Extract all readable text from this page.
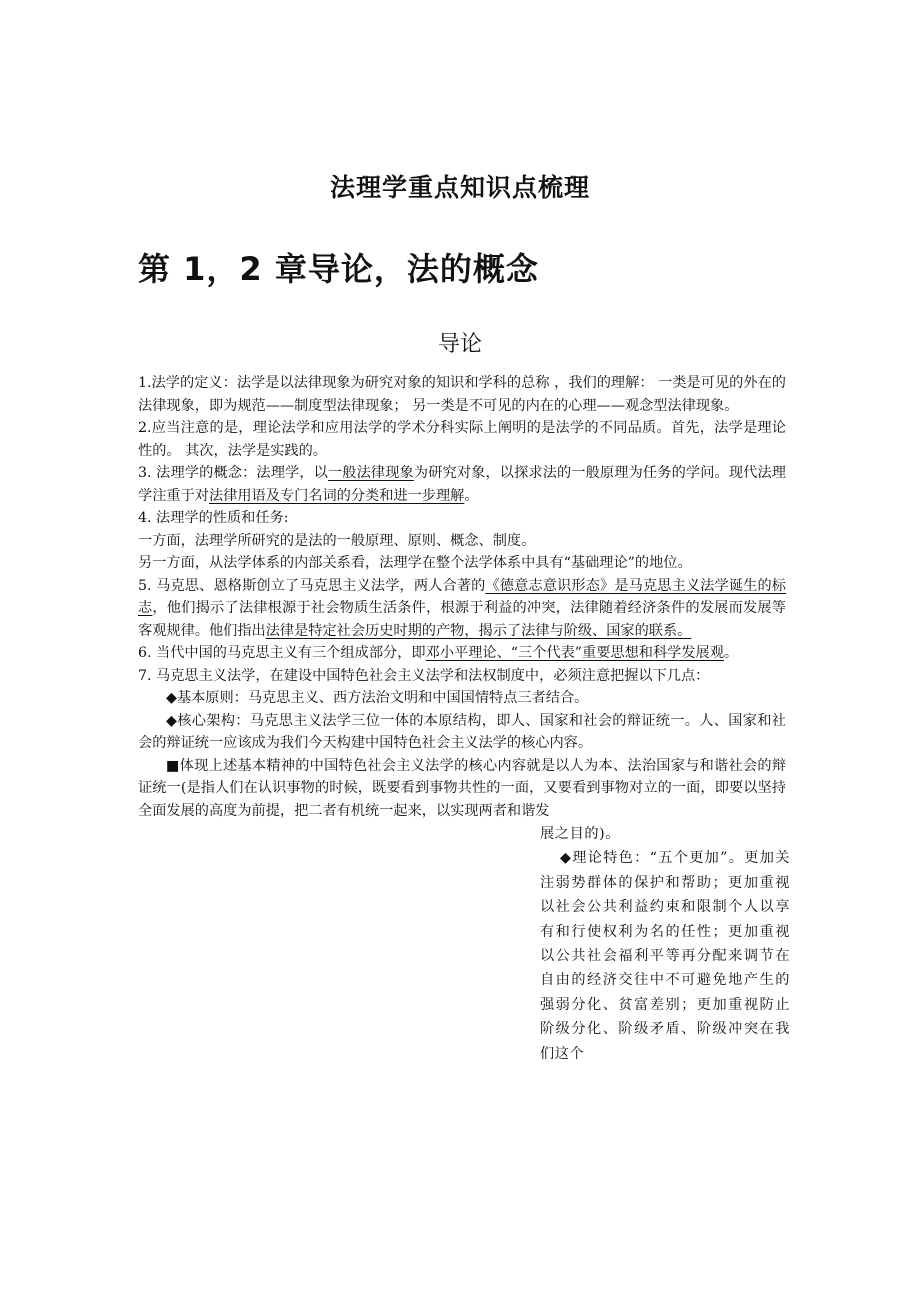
法理学重点知识点梳理
第 1，2 章导论，法的概念
导论

1.法学的定义：法学是以法律现象为研究对象的知识和学科的总称 ，我们的理解： 一类是可见的外在的法律现象，即为规范——制度型法律现象； 另一类是不可见的内在的心理——观念型法律现象。

2.应当注意的是，理论法学和应用法学的学术分科实际上阐明的是法学的不同品质。首先，法学是理论性的。 其次，法学是实践的。

3. 法理学的概念：法理学，以一般法律现象为研究对象，以探求法的一般原理为任务的学问。现代法理学注重于对法律用语及专门名词的分类和进一步理解。

4. 法理学的性质和任务:

一方面，法理学所研究的是法的一般原理、原则、概念、制度。

另一方面，从法学体系的内部关系看，法理学在整个法学体系中具有“基础理论”的地位。

5. 马克思、恩格斯创立了马克思主义法学，两人合著的《德意志意识形态》是马克思主义法学诞生的标志，他们揭示了法律根源于社会物质生活条件，根源于利益的冲突，法律随着经济条件的发展而发展等客观规律。他们指出法律是特定社会历史时期的产物，揭示了法律与阶级、国家的联系。

6. 当代中国的马克思主义有三个组成部分，即邓小平理论、“三个代表”重要思想和科学发展观。

7. 马克思主义法学，在建设中国特色社会主义法学和法权制度中，必须注意把握以下几点：

◆基本原则：马克思主义、西方法治文明和中国国情特点三者结合。

◆核心架构：马克思主义法学三位一体的本原结构，即人、国家和社会的辩证统一。人、国家和社会的辩证统一应该成为我们今天构建中国特色社会主义法学的核心内容。

■体现上述基本精神的中国特色社会主义法学的核心内容就是以人为本、法治国家与和谐社会的辩证统一(是指人们在认识事物的时候，既要看到事物共性的一面，又要看到事物对立的一面，即要以坚持全面发展的高度为前提，把二者有机统一起来，以实现两者和谐发

展之目的)。

◆理论特色：“五个更加”。更加关注弱势群体的保护和帮助；更加重视以社会公共利益约束和限制个人以享有和行使权利为名的任性；更加重视以公共社会福利平等再分配来调节在自由的经济交往中不可避免地产生的强弱分化、贫富差别；更加重视防止阶级分化、阶级矛盾、阶级冲突在我们这个
